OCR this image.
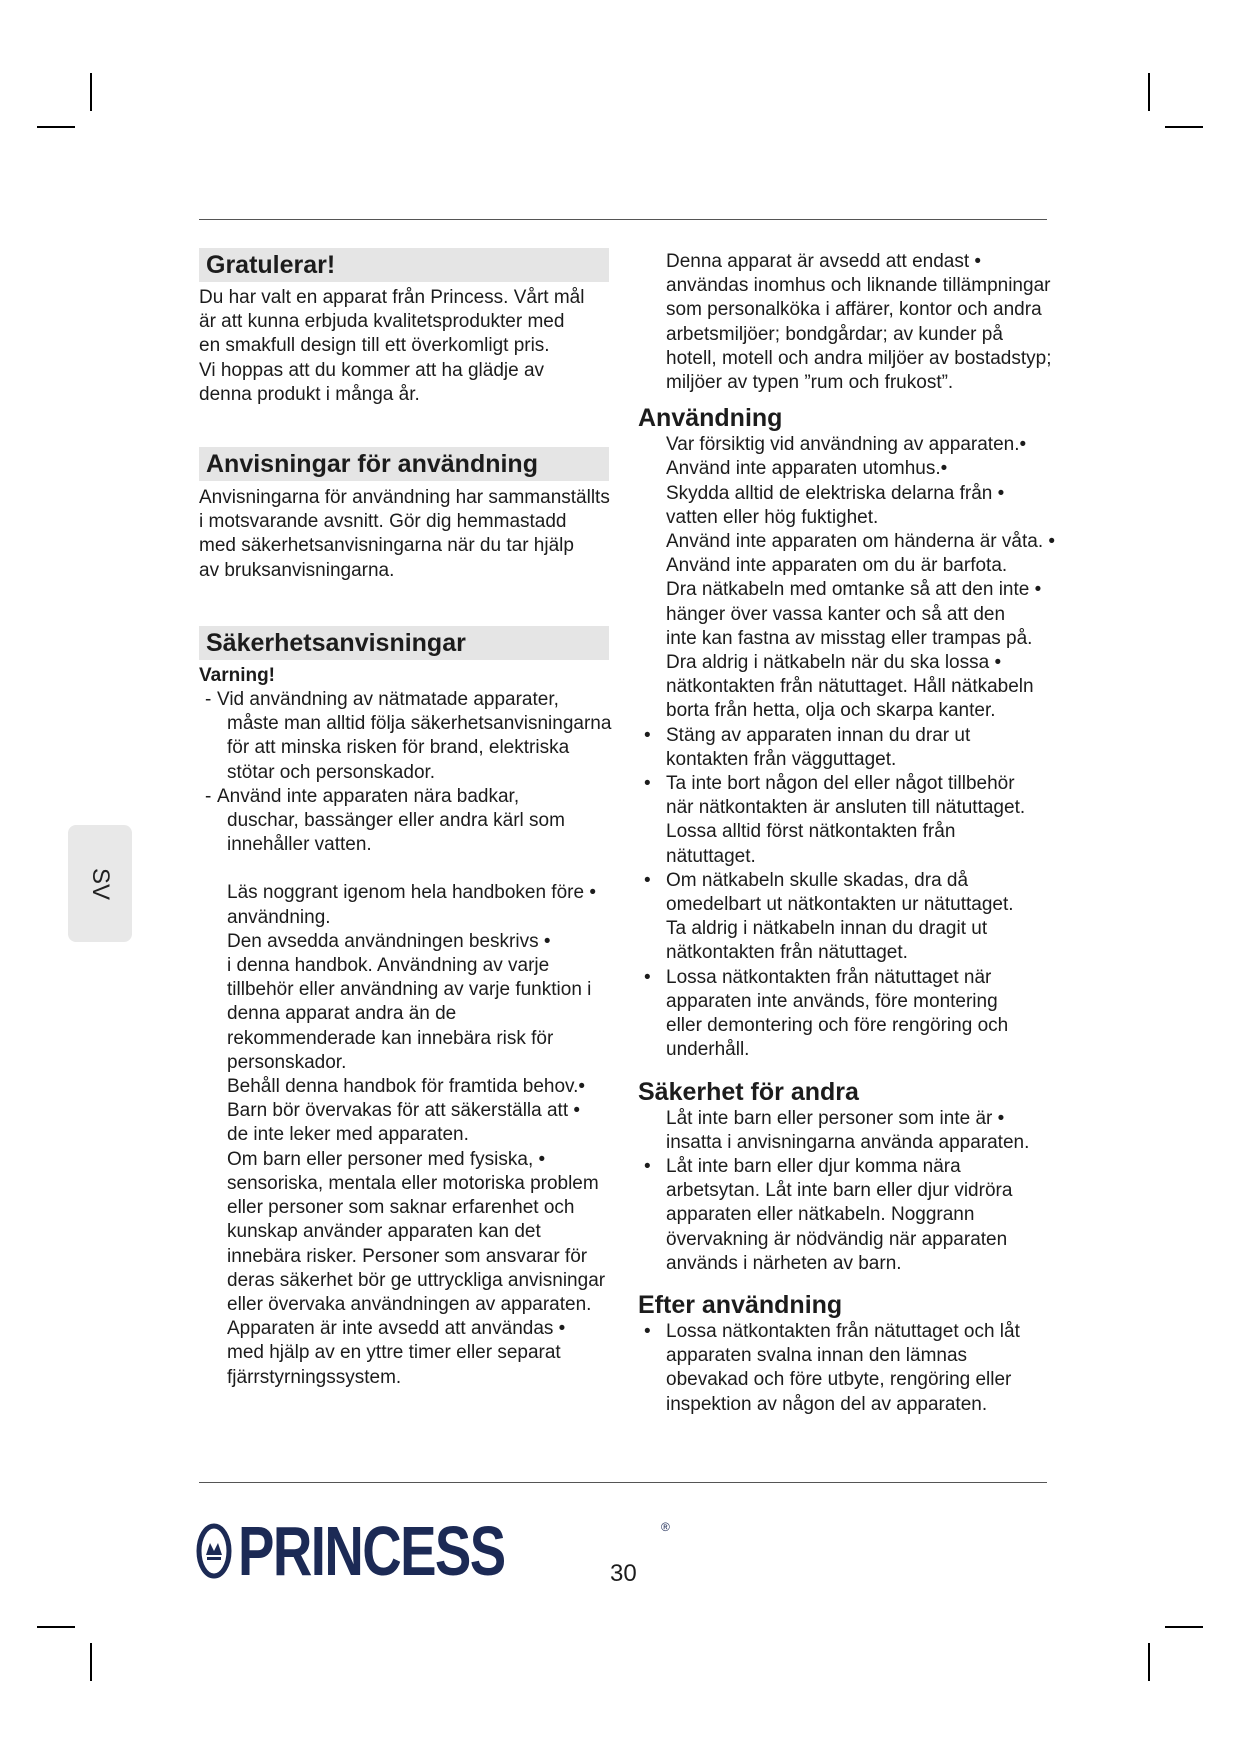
SV
Gratulerar!
Du har valt en apparat från Princess. Vårt mål
är att kunna erbjuda kvalitetsprodukter med
en smakfull design till ett överkomligt pris.
Vi hoppas att du kommer att ha glädje av
denna produkt i många år.
Anvisningar för användning
Anvisningarna för användning har sammanställts
i motsvarande avsnitt. Gör dig hemmastadd
med säkerhetsanvisningarna när du tar hjälp
av bruksanvisningarna.
Säkerhetsanvisningar
Varning!
- Vid användning av nätmatade apparater,
måste man alltid följa säkerhetsanvisningarna
för att minska risken för brand, elektriska
stötar och personskador.
- Använd inte apparaten nära badkar,
duschar, bassänger eller andra kärl som
innehåller vatten.
Läs noggrant igenom hela handboken före •
användning.
Den avsedda användningen beskrivs •
i denna handbok. Användning av varje
tillbehör eller användning av varje funktion i
denna apparat andra än de
rekommenderade kan innebära risk för
personskador.
Behåll denna handbok för framtida behov.•
Barn bör övervakas för att säkerställa att •
de inte leker med apparaten.
Om barn eller personer med fysiska, •
sensoriska, mentala eller motoriska problem
eller personer som saknar erfarenhet och
kunskap använder apparaten kan det
innebära risker. Personer som ansvarar för
deras säkerhet bör ge uttryckliga anvisningar
eller övervaka användningen av apparaten.
Apparaten är inte avsedd att användas •
med hjälp av en yttre timer eller separat
fjärrstyrningssystem.
Denna apparat är avsedd att endast •
användas inomhus och liknande tillämpningar
som personalköka i affärer, kontor och andra
arbetsmiljöer; bondgårdar; av kunder på
hotell, motell och andra miljöer av bostadstyp;
miljöer av typen ”rum och frukost”.
Användning
Var försiktig vid användning av apparaten.•
Använd inte apparaten utomhus.•
Skydda alltid de elektriska delarna från •
vatten eller hög fuktighet.
Använd inte apparaten om händerna är våta. •
Använd inte apparaten om du är barfota.
Dra nätkabeln med omtanke så att den inte •
hänger över vassa kanter och så att den
inte kan fastna av misstag eller trampas på.
Dra aldrig i nätkabeln när du ska lossa •
nätkontakten från nätuttaget. Håll nätkabeln
borta från hetta, olja och skarpa kanter.
• Stäng av apparaten innan du drar ut
kontakten från vägguttaget.
• Ta inte bort någon del eller något tillbehör
när nätkontakten är ansluten till nätuttaget.
Lossa alltid först nätkontakten från
nätuttaget.
• Om nätkabeln skulle skadas, dra då
omedelbart ut nätkontakten ur nätuttaget.
Ta aldrig i nätkabeln innan du dragit ut
nätkontakten från nätuttaget.
• Lossa nätkontakten från nätuttaget när
apparaten inte används, före montering
eller demontering och före rengöring och
underhåll.
Säkerhet för andra
Låt inte barn eller personer som inte är •
insatta i anvisningarna använda apparaten.
• Låt inte barn eller djur komma nära
arbetsytan. Låt inte barn eller djur vidröra
apparaten eller nätkabeln. Noggrann
övervakning är nödvändig när apparaten
används i närheten av barn.
Efter användning
• Lossa nätkontakten från nätuttaget och låt
apparaten svalna innan den lämnas
obevakad och före utbyte, rengöring eller
inspektion av någon del av apparaten.
PRINCESS	®
30
